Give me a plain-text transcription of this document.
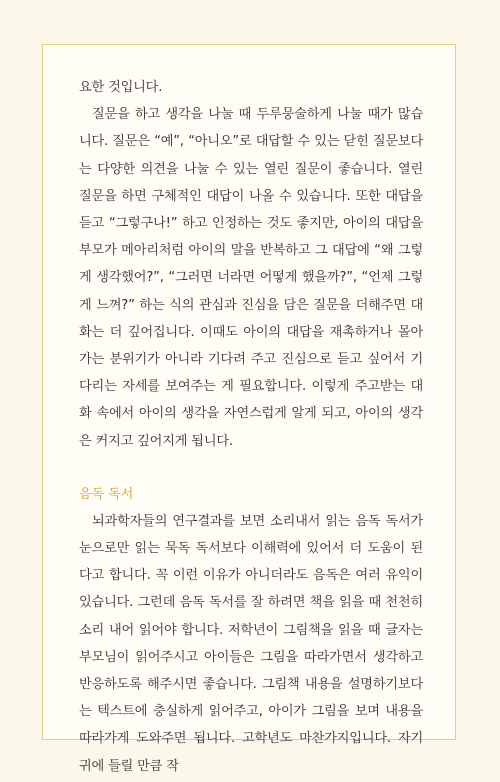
요한 것입니다.

질문을 하고 생각을 나눌 때 두루뭉술하게 나눌 때가 많습니다. 질문은 “예”, “아니오”로 대답할 수 있는 닫힌 질문보다는 다양한 의견을 나눌 수 있는 열린 질문이 좋습니다. 열린 질문을 하면 구체적인 대답이 나올 수 있습니다. 또한 대답을 듣고 “그렇구나!” 하고 인정하는 것도 좋지만, 아이의 대답을 부모가 메아리처럼 아이의 말을 반복하고 그 대답에 “왜 그렇게 생각했어?”, “그러면 너라면 어떻게 했을까?”, “언제 그렇게 느껴?” 하는 식의 관심과 진심을 담은 질문을 더해주면 대화는 더 깊어집니다. 이때도 아이의 대답을 재촉하거나 몰아가는 분위기가 아니라 기다려 주고 진심으로 듣고 싶어서 기다리는 자세를 보여주는 게 필요합니다. 이렇게 주고받는 대화 속에서 아이의 생각을 자연스럽게 알게 되고, 아이의 생각은 커지고 깊어지게 됩니다.

음독 독서

뇌과학자들의 연구결과를 보면 소리내서 읽는 음독 독서가 눈으로만 읽는 묵독 독서보다 이해력에 있어서 더 도움이 된다고 합니다. 꼭 이런 이유가 아니더라도 음독은 여러 유익이 있습니다. 그런데 음독 독서를 잘 하려면 책을 읽을 때 천천히 소리 내어 읽어야 합니다. 저학년이 그림책을 읽을 때 글자는 부모님이 읽어주시고 아이들은 그림을 따라가면서 생각하고 반응하도록 해주시면 좋습니다. 그림책 내용을 설명하기보다는 텍스트에 충실하게 읽어주고, 아이가 그림을 보며 내용을 따라가게 도와주면 됩니다. 고학년도 마찬가지입니다. 자기 귀에 들릴 만큼 작
